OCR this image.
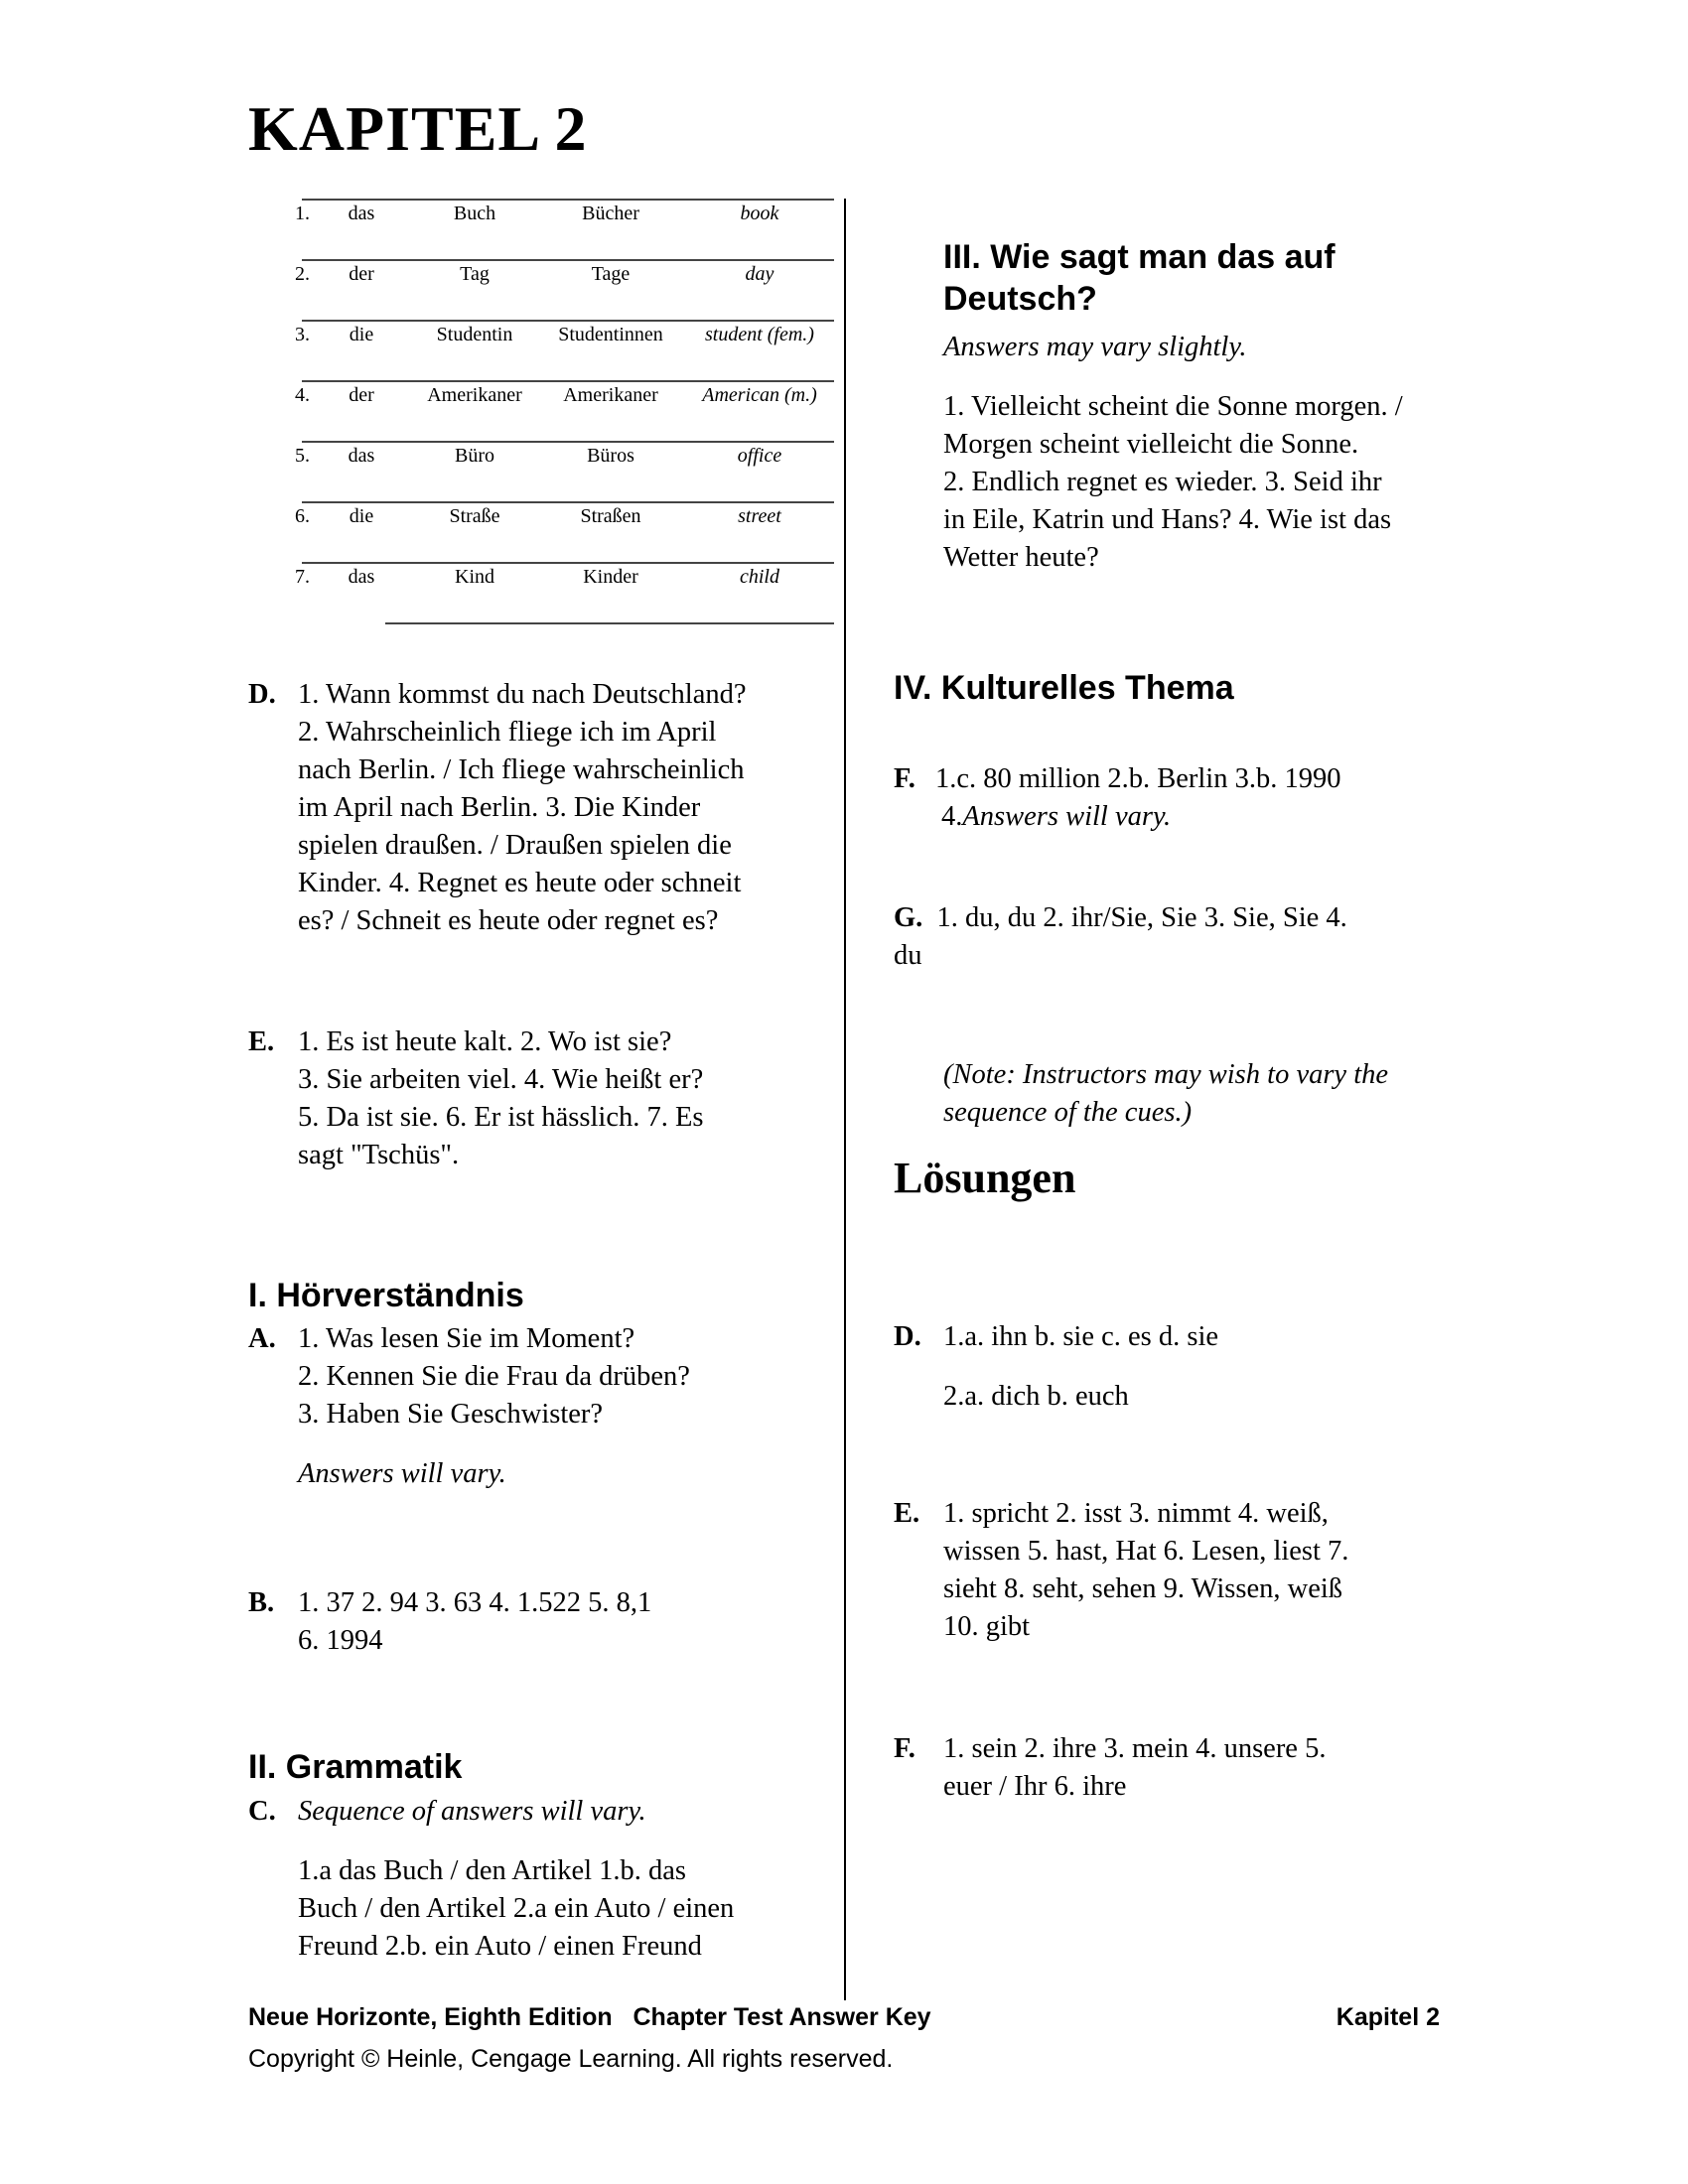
KAPITEL 2
1.	das	Buch	Bücher	book
2.	der	Tag	Tage	day
3.	die	Studentin	Studentinnen	student (fem.)
4.	der	Amerikaner	Amerikaner	American (m.)
5.	das	Büro	Büros	office
6.	die	Straße	Straßen	street
7.	das	Kind	Kinder	child
D. 1. Wann kommst du nach Deutschland?
2. Wahrscheinlich fliege ich im April
nach Berlin. / Ich fliege wahrscheinlich
im April nach Berlin. 3. Die Kinder
spielen draußen. / Draußen spielen die
Kinder. 4. Regnet es heute oder schneit
es? / Schneit es heute oder regnet es?
E. 1. Es ist heute kalt. 2. Wo ist sie?
3. Sie arbeiten viel. 4. Wie heißt er?
5. Da ist sie. 6. Er ist hässlich. 7. Es
sagt "Tschüs".
I. Hörverständnis
A. 1. Was lesen Sie im Moment?
2. Kennen Sie die Frau da drüben?
3. Haben Sie Geschwister?
Answers will vary.
B. 1. 37 2. 94 3. 63 4. 1.522 5. 8,1
6. 1994
II. Grammatik
C. Sequence of answers will vary.
1.a das Buch / den Artikel 1.b. das
Buch / den Artikel 2.a ein Auto / einen
Freund 2.b. ein Auto / einen Freund
III. Wie sagt man das auf
Deutsch?
Answers may vary slightly.
1. Vielleicht scheint die Sonne morgen. /
Morgen scheint vielleicht die Sonne.
2. Endlich regnet es wieder. 3. Seid ihr
in Eile, Katrin und Hans? 4. Wie ist das
Wetter heute?
IV. Kulturelles Thema
F. 1.c. 80 million 2.b. Berlin 3.b. 1990
4.Answers will vary.
G. 1. du, du 2. ihr/Sie, Sie 3. Sie, Sie 4.
du
(Note: Instructors may wish to vary the
sequence of the cues.)
Lösungen
D. 1.a. ihn b. sie c. es d. sie
2.a. dich b. euch
E. 1. spricht 2. isst 3. nimmt 4. weiß,
wissen 5. hast, Hat 6. Lesen, liest 7.
sieht 8. seht, sehen 9. Wissen, weiß
10. gibt
F. 1. sein 2. ihre 3. mein 4. unsere 5.
euer / Ihr 6. ihre
Neue Horizonte, Eighth Edition   Chapter Test Answer Key	Kapitel 2
Copyright © Heinle, Cengage Learning. All rights reserved.
